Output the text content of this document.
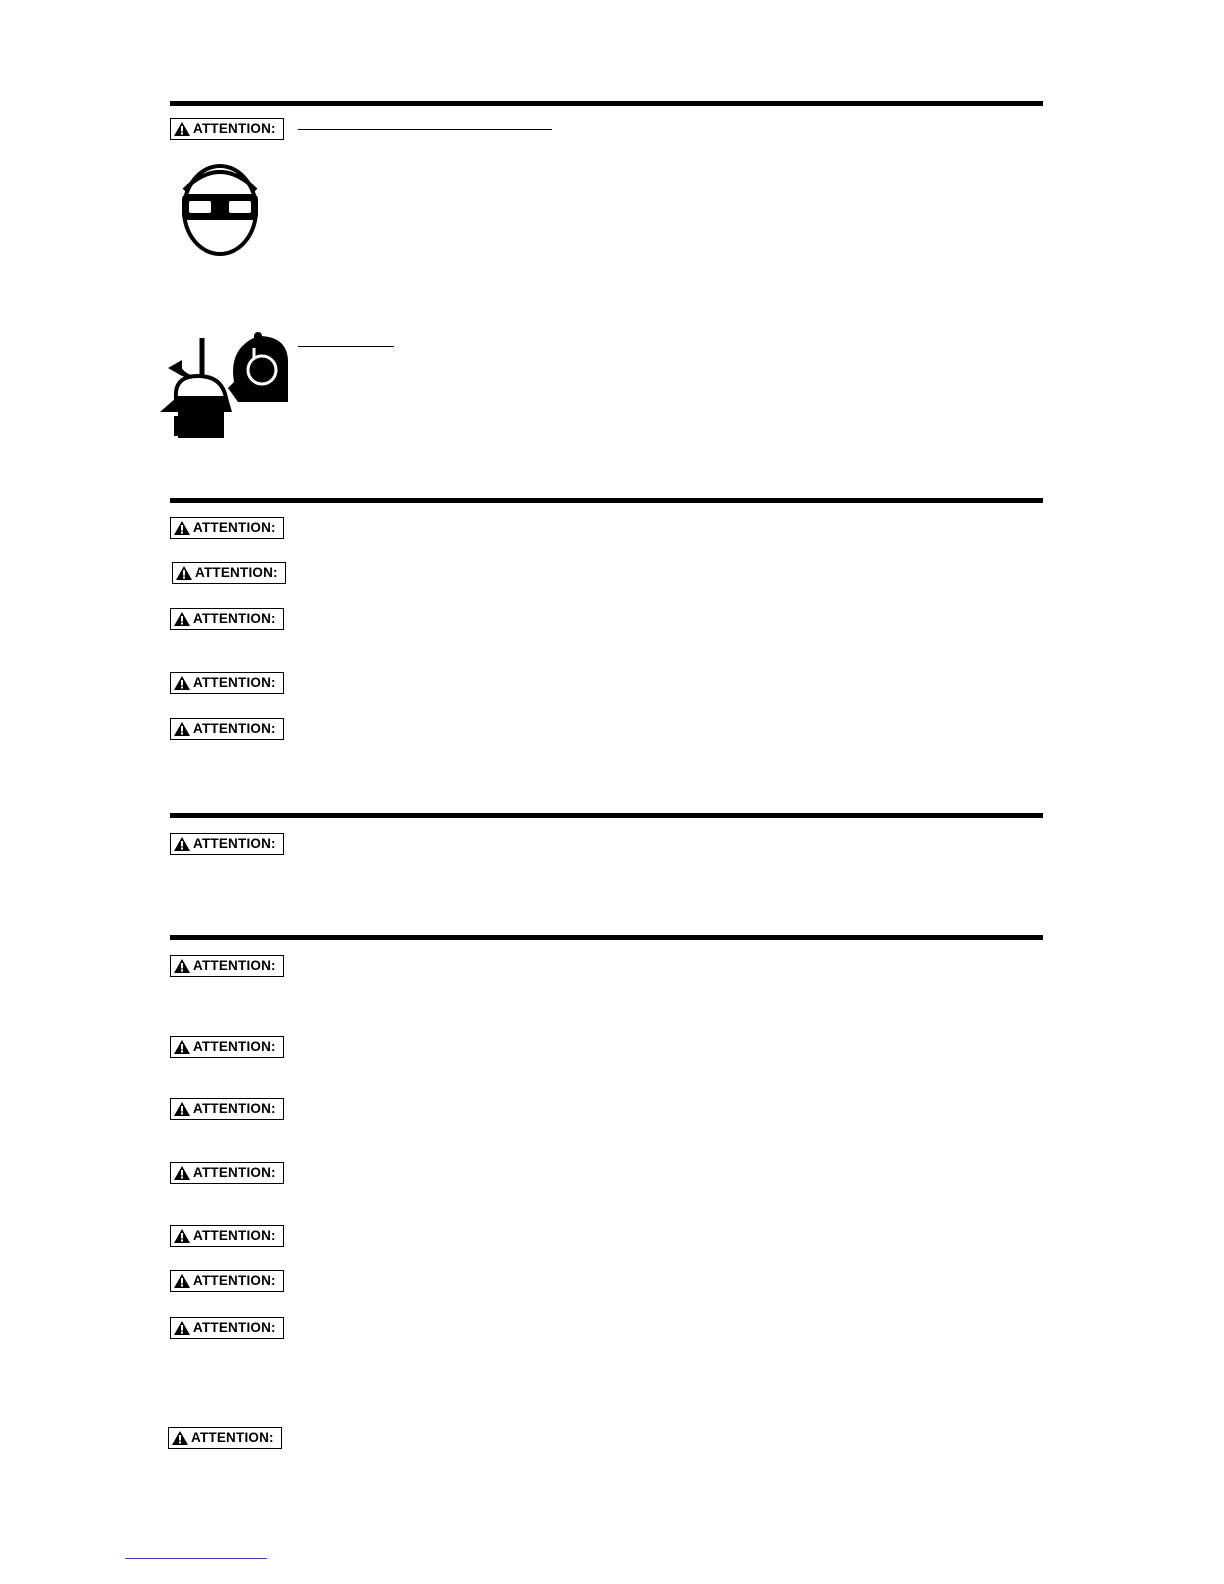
ATTENTION:
ATTENTION:
ATTENTION:
ATTENTION:
ATTENTION:
ATTENTION:
ATTENTION:
ATTENTION:
ATTENTION:
ATTENTION:
ATTENTION:
ATTENTION:
ATTENTION:
ATTENTION:
ATTENTION:
